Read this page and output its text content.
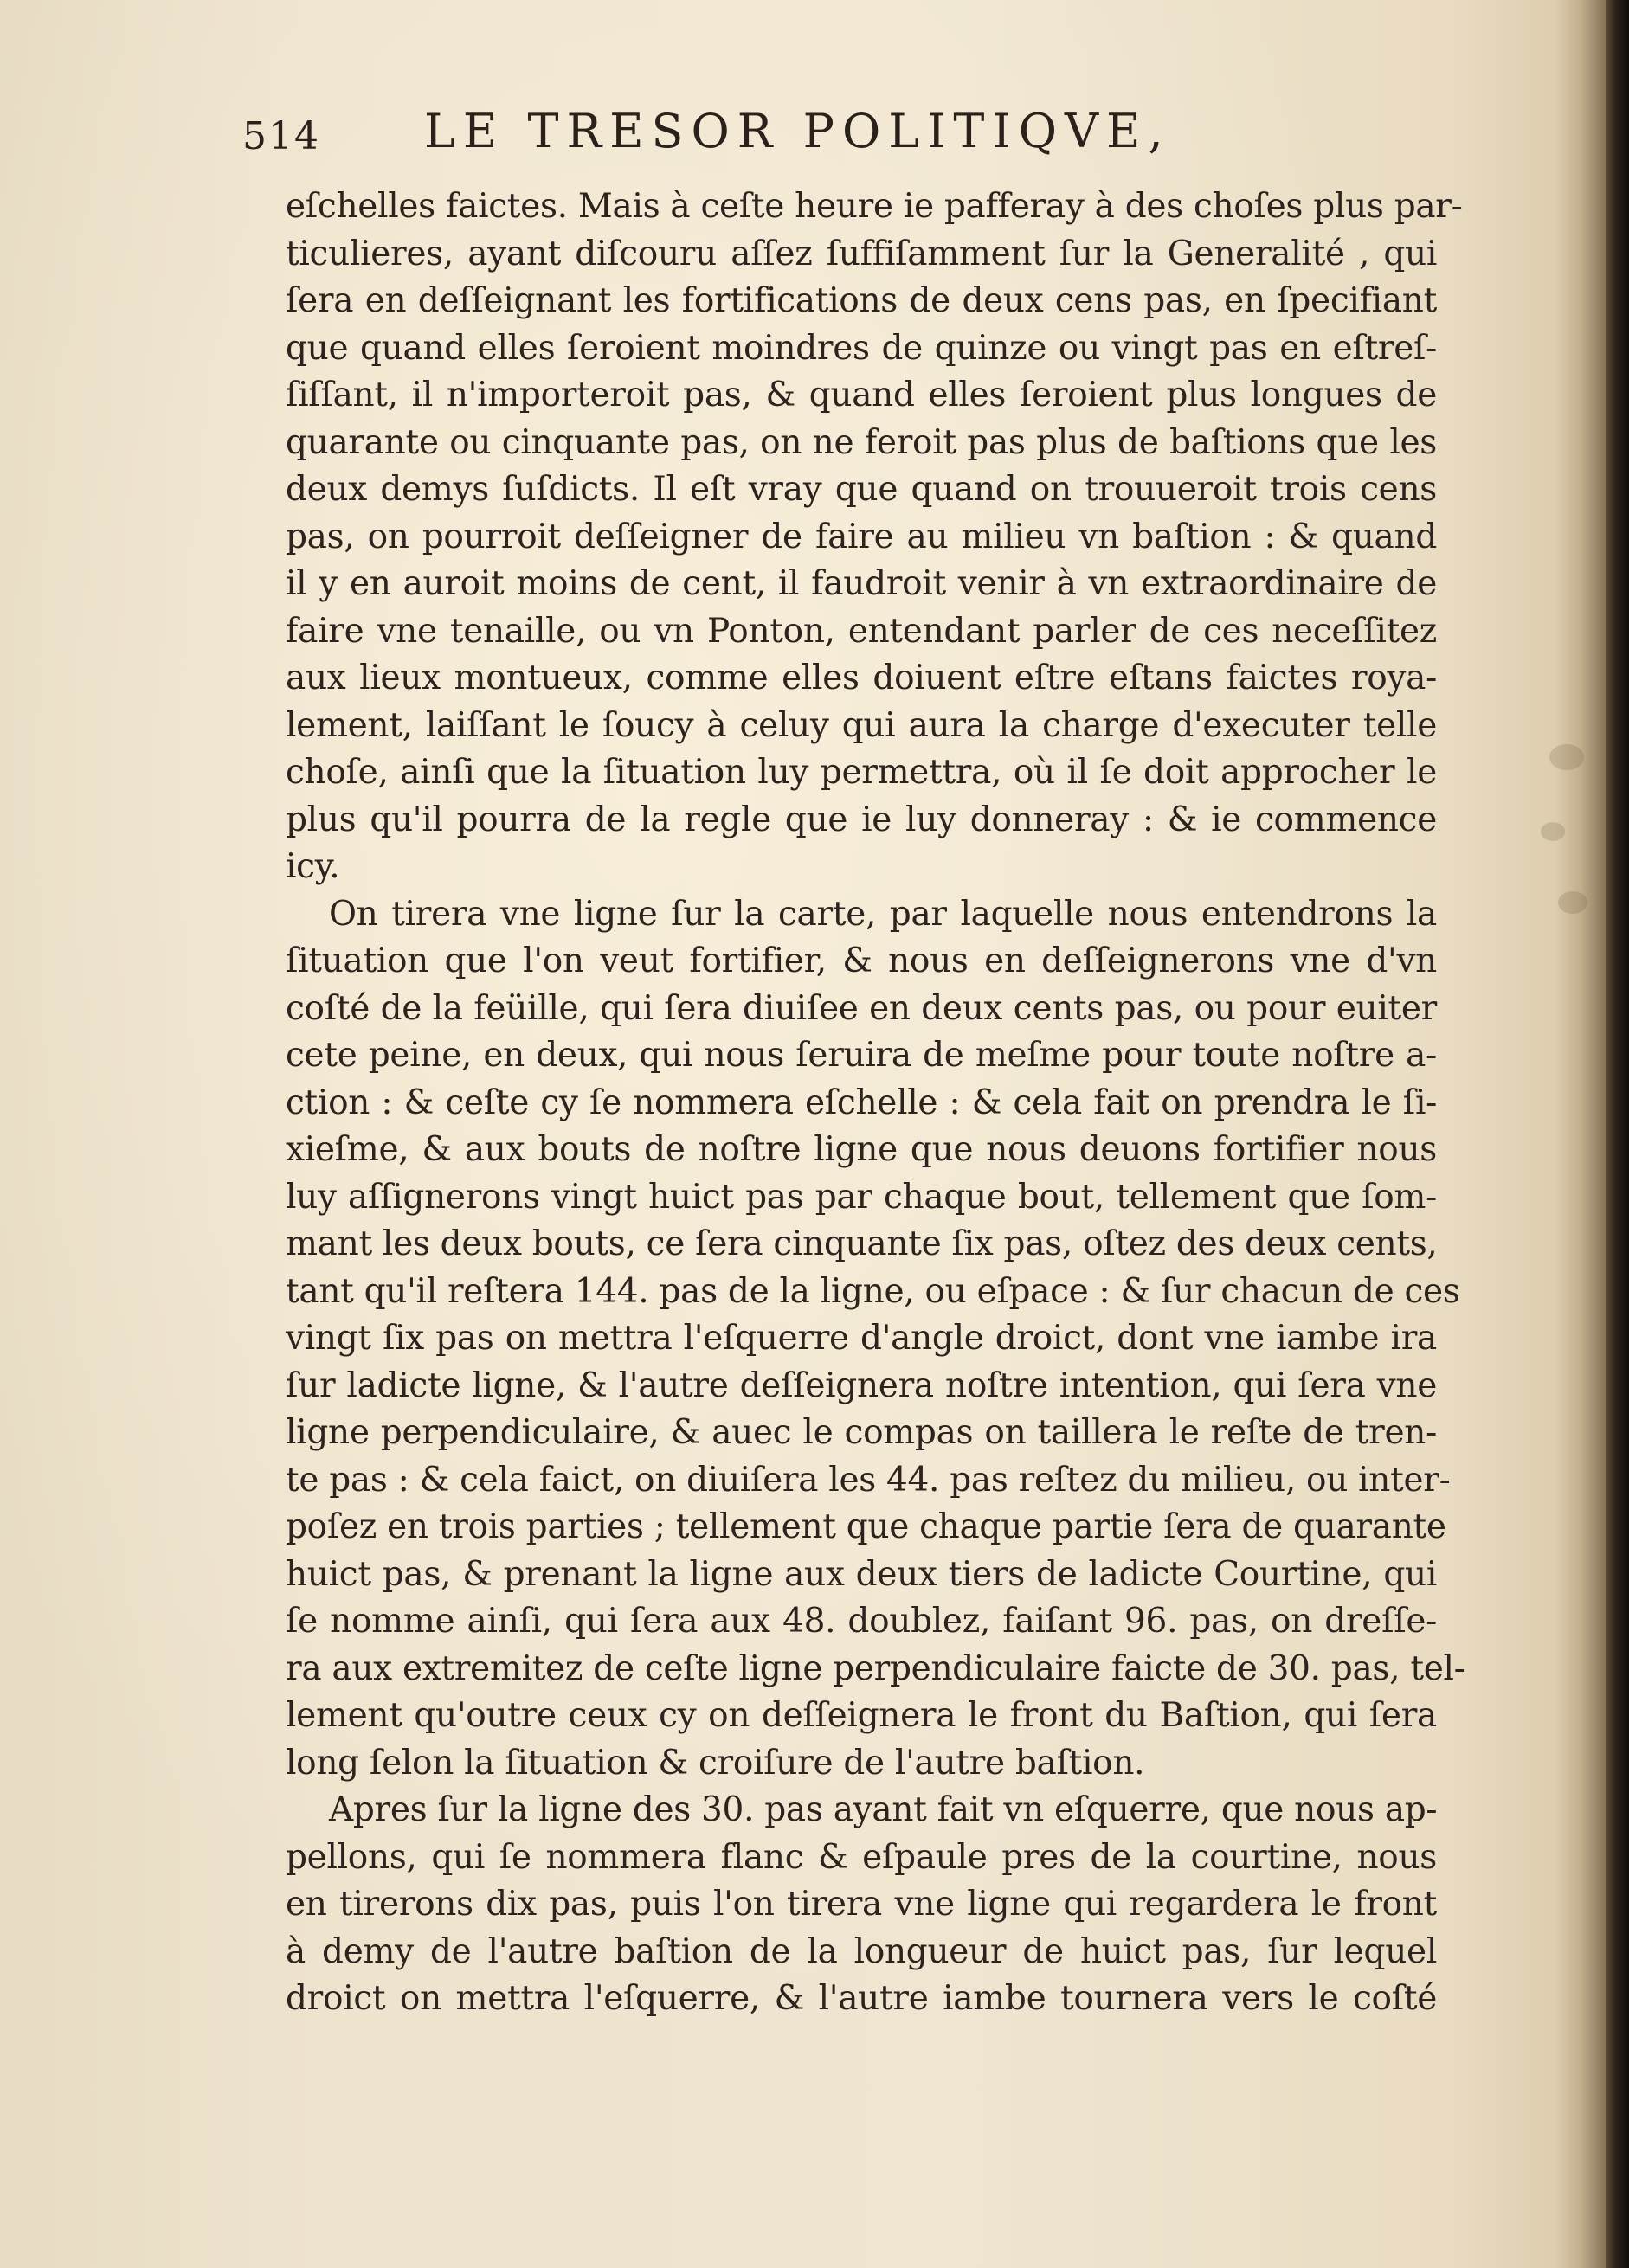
514 LE TRESOR POLITIQVE,
eſchelles faictes. Mais à ceſte heure ie pafferay à des choſes plus par-
ticulieres, ayant diſcouru aſſez ſuffiſamment ſur la Generalité , qui
ſera en deſſeignant les fortifications de deux cens pas, en ſpecifiant
que quand elles ſeroient moindres de quinze ou vingt pas en eſtreſ-
ſiſſant, il n'importeroit pas, & quand elles ſeroient plus longues de
quarante ou cinquante pas, on ne feroit pas plus de baſtions que les
deux demys ſuſdicts. Il eſt vray que quand on trouueroit trois cens
pas, on pourroit deſſeigner de faire au milieu vn baſtion : & quand
il y en auroit moins de cent, il faudroit venir à vn extraordinaire de
faire vne tenaille, ou vn Ponton, entendant parler de ces neceſſitez
aux lieux montueux, comme elles doiuent eſtre eſtans faictes roya-
lement, laiſſant le ſoucy à celuy qui aura la charge d'executer telle
choſe, ainſi que la ſituation luy permettra, où il ſe doit approcher le
plus qu'il pourra de la regle que ie luy donneray : & ie commence
icy.
On tirera vne ligne ſur la carte, par laquelle nous entendrons la
ſituation que l'on veut fortifier, & nous en deſſeignerons vne d'vn
coſté de la feüille, qui ſera diuiſee en deux cents pas, ou pour euiter
cete peine, en deux, qui nous ſeruira de meſme pour toute noſtre a-
ction : & ceſte cy ſe nommera eſchelle : & cela fait on prendra le ſi-
xieſme, & aux bouts de noſtre ligne que nous deuons fortifier nous
luy aſſignerons vingt huict pas par chaque bout, tellement que ſom-
mant les deux bouts, ce ſera cinquante ſix pas, oſtez des deux cents,
tant qu'il reſtera 144. pas de la ligne, ou eſpace : & ſur chacun de ces
vingt ſix pas on mettra l'eſquerre d'angle droict, dont vne iambe ira
ſur ladicte ligne, & l'autre deſſeignera noſtre intention, qui ſera vne
ligne perpendiculaire, & auec le compas on taillera le reſte de tren-
te pas : & cela faict, on diuiſera les 44. pas reſtez du milieu, ou inter-
poſez en trois parties ; tellement que chaque partie ſera de quarante
huict pas, & prenant la ligne aux deux tiers de ladicte Courtine, qui
ſe nomme ainſi, qui ſera aux 48. doublez, faiſant 96. pas, on dreſſe-
ra aux extremitez de ceſte ligne perpendiculaire faicte de 30. pas, tel-
lement qu'outre ceux cy on deſſeignera le front du Baſtion, qui ſera
long ſelon la ſituation & croiſure de l'autre baſtion.
Apres ſur la ligne des 30. pas ayant fait vn eſquerre, que nous ap-
pellons, qui ſe nommera flanc & eſpaule pres de la courtine, nous
en tirerons dix pas, puis l'on tirera vne ligne qui regardera le front
à demy de l'autre baſtion de la longueur de huict pas, ſur lequel
droict on mettra l'eſquerre, & l'autre iambe tournera vers le coſté
